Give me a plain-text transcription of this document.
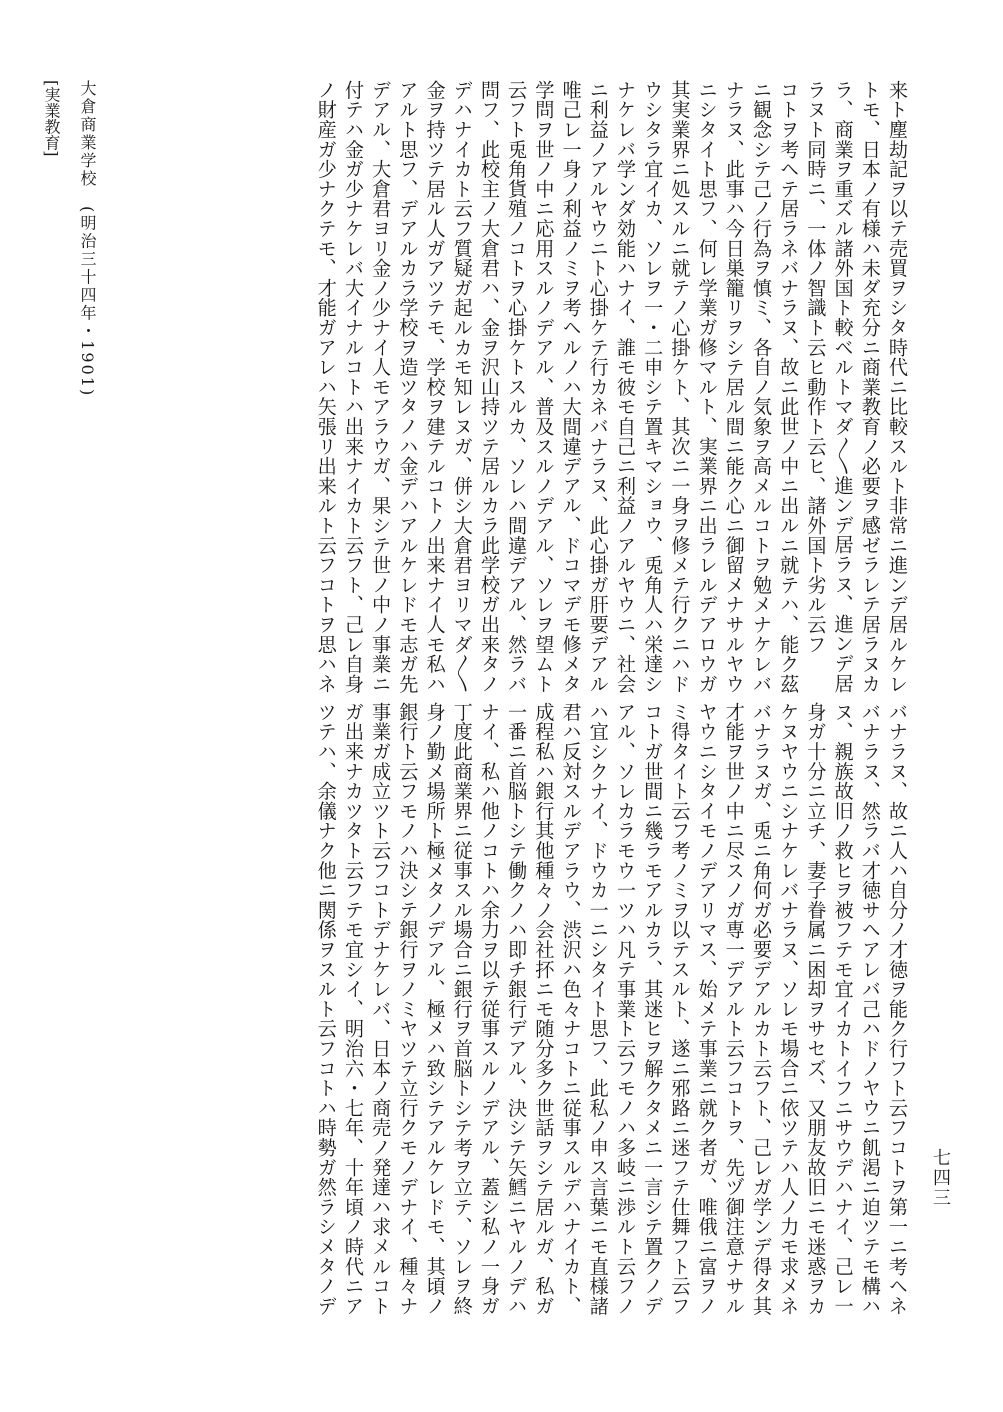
七四三
来ト塵劫記ヲ以テ売買ヲシタ時代ニ比較スルト非常ニ進ンデ居ルケレ
トモ、日本ノ有様ハ未ダ充分ニ商業教育ノ必要ヲ感ゼラレテ居ラヌカ
ラ、商業ヲ重ズル諸外国ト較ベルトマダ〳〵進ンデ居ラヌ、進ンデ居
ラヌト同時ニ、一体ノ智識ト云ヒ動作ト云ヒ、諸外国ト劣ル云フ
コトヲ考ヘテ居ラネバナラヌ、故ニ此世ノ中ニ出ルニ就テハ、能ク茲
ニ観念シテ己ノ行為ヲ慎ミ、各自ノ気象ヲ高メルコトヲ勉メナケレバ
ナラヌ、此事ハ今日巣籠リヲシテ居ル間ニ能ク心ニ御留メナサルヤウ
ニシタイト思フ、何レ学業ガ修マルト、実業界ニ出ラレルデアロウガ
其実業界ニ処スルニ就テノ心掛ケト、其次ニ一身ヲ修メテ行クニハド
ウシタラ宜イカ、ソレヲ一・二申シテ置キマショウ、兎角人ハ栄達シ
ナケレバ学ンダ効能ハナイ、誰モ彼モ自己ニ利益ノアルヤウニ、社会
ニ利益ノアルヤウニト心掛ケテ行カネバナラヌ、此心掛ガ肝要デアル
唯己レ一身ノ利益ノミヲ考ヘルノハ大間違デアル、ドコマデモ修メタ
学問ヲ世ノ中ニ応用スルノデアル、普及スルノデアル、ソレヲ望ムト
云フト兎角貨殖ノコトヲ心掛ケトスルカ、ソレハ間違デアル、然ラバ
問フ、此校主ノ大倉君ハ、金ヲ沢山持ツテ居ルカラ此学校ガ出来タノ
デハナイカト云フ質疑ガ起ルカモ知レヌガ、併シ大倉君ヨリマダ〳〵
金ヲ持ツテ居ル人ガアツテモ、学校ヲ建テルコトノ出来ナイ人モ私ハ
アルト思フ、デアルカラ学校ヲ造ツタノハ金デハアルケレドモ志ガ先
デアル、大倉君ヨリ金ノ少ナイ人モアラウガ、果シテ世ノ中ノ事業ニ
付テハ金ガ少ナケレバ大イナルコトハ出来ナイカト云フト、己レ自身
ノ財産ガ少ナクテモ、才能ガアレハ矢張リ出来ルト云フコトヲ思ハネ
バナラヌ、故ニ人ハ自分ノ才徳ヲ能ク行フト云フコトヲ第一ニ考ヘネ
バナラヌ、然ラバ才徳サヘアレバ己ハドノヤウニ飢渇ニ迫ツテモ構ハ
ヌ、親族故旧ノ救ヒヲ被フテモ宜イカトイフニサウデハナイ、己レ一
身ガ十分ニ立チ、妻子眷属ニ困却ヲサセズ、又朋友故旧ニモ迷惑ヲカ
ケヌヤウニシナケレバナラヌ、ソレモ場合ニ依ツテハ人ノ力モ求メネ
バナラヌガ、兎ニ角何ガ必要デアルカト云フト、己レガ学ンデ得タ其
才能ヲ世ノ中ニ尽スノガ専一デアルト云フコトヲ、先ヅ御注意ナサル
ヤウニシタイモノデアリマス、始メテ事業ニ就ク者ガ、唯俄ニ富ヲノ
ミ得タイト云フ考ノミヲ以テスルト、遂ニ邪路ニ迷フテ仕舞フト云フ
コトガ世間ニ幾ラモアルカラ、其迷ヒヲ解クタメニ一言シテ置クノデ
アル、ソレカラモウ一ツハ凡テ事業ト云フモノハ多岐ニ渉ルト云フノ
ハ宜シクナイ、ドウカ一ニシタイト思フ、此私ノ申ス言葉ニモ直様諸
君ハ反対スルデアラウ、渋沢ハ色々ナコトニ従事スルデハナイカト、
成程私ハ銀行其他種々ノ会社抔ニモ随分多ク世話ヲシテ居ルガ、私ガ
一番ニ首脳トシテ働クノハ即チ銀行デアル、決シテ矢鱈ニヤルノデハ
ナイ、私ハ他ノコトハ余力ヲ以テ従事スルノデアル、蓋シ私ノ一身ガ
丁度此商業界ニ従事スル場合ニ銀行ヲ首脳トシテ考ヲ立テ、ソレヲ終
身ノ勤メ場所ト極メタノデアル、極メハ致シテアルケレドモ、其頃ノ
銀行ト云フモノハ決シテ銀行ヲノミヤツテ立行クモノデナイ、種々ナ
事業ガ成立ツト云フコトデナケレバ、日本ノ商売ノ発達ハ求メルコト
ガ出来ナカツタト云フテモ宜シイ、明治六・七年、十年頃ノ時代ニア
ツテハ、余儀ナク他ニ関係ヲスルト云フコトハ時勢ガ然ラシメタノデ
大倉商業学校　(明治三十四年・1901)
[実業教育]
